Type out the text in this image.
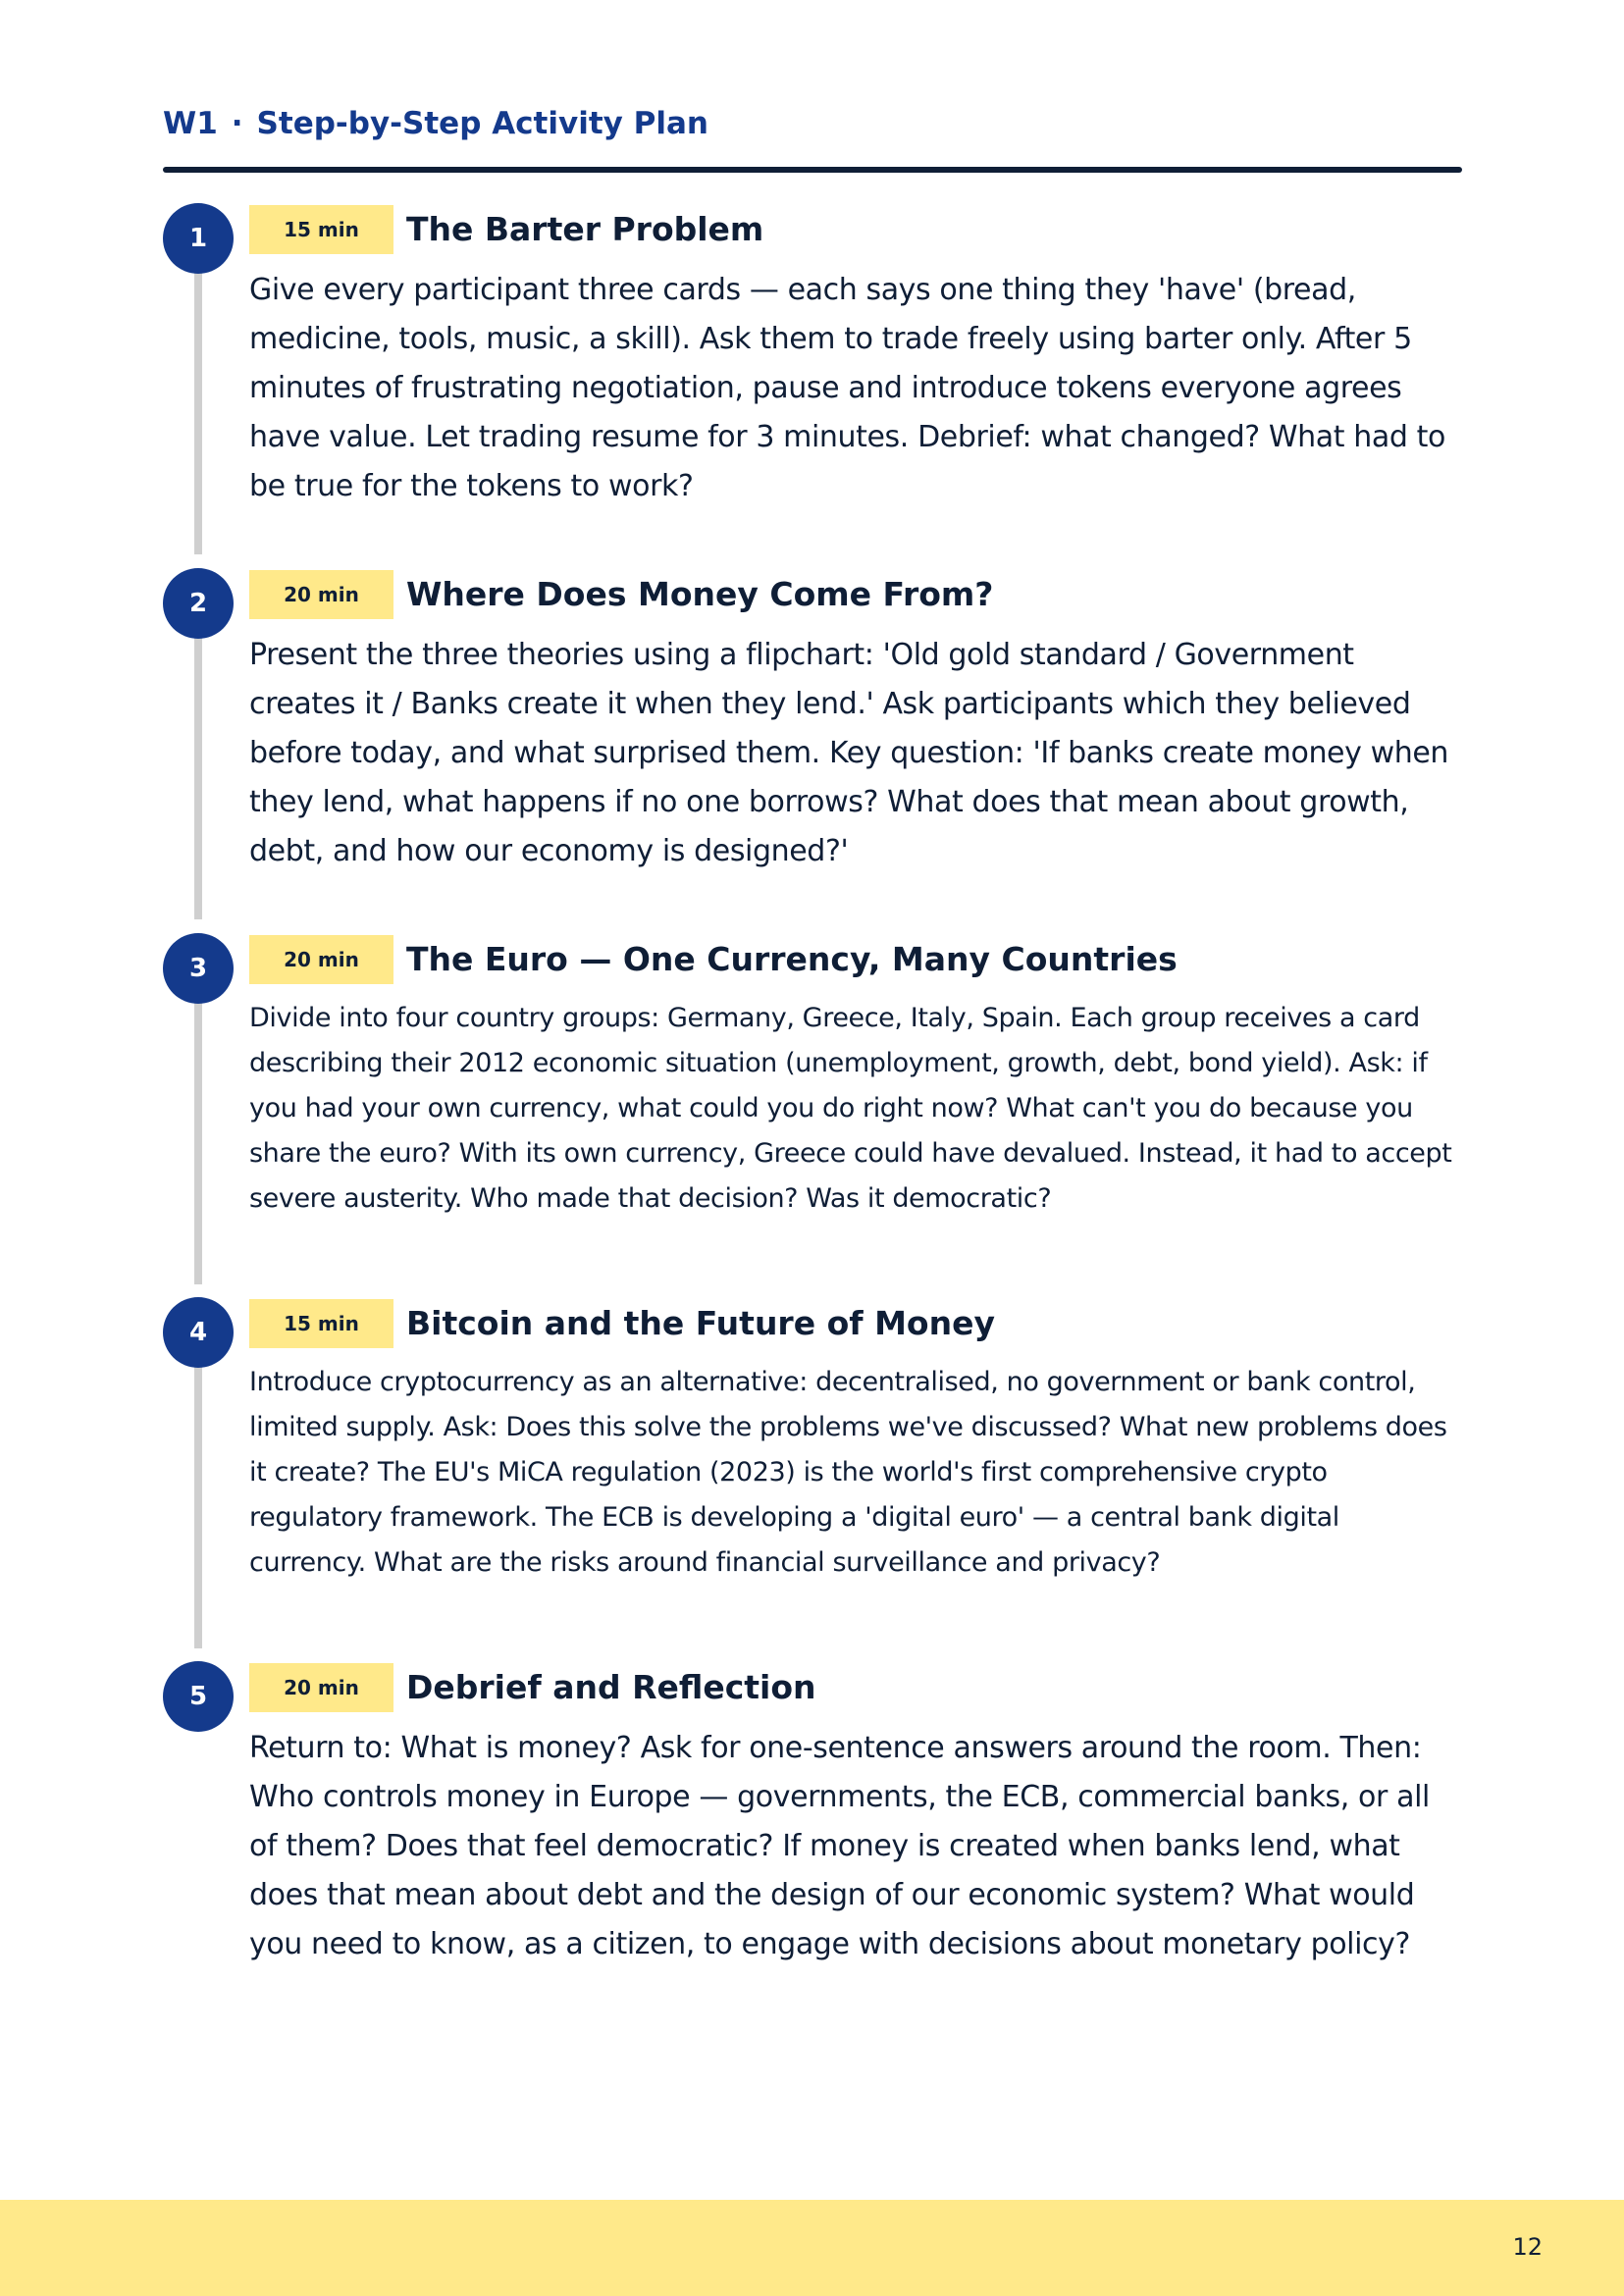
W1 · Step-by-Step Activity Plan
1	15 min	The Barter Problem

Give every participant three cards — each says one thing they 'have' (bread, medicine, tools, music, a skill). Ask them to trade freely using barter only. After 5 minutes of frustrating negotiation, pause and introduce tokens everyone agrees have value. Let trading resume for 3 minutes. Debrief: what changed? What had to be true for the tokens to work?

2	20 min	Where Does Money Come From?

Present the three theories using a flipchart: 'Old gold standard / Government creates it / Banks create it when they lend.' Ask participants which they believed before today, and what surprised them. Key question: 'If banks create money when they lend, what happens if no one borrows? What does that mean about growth, debt, and how our economy is designed?'

3	20 min	The Euro — One Currency, Many Countries

Divide into four country groups: Germany, Greece, Italy, Spain. Each group receives a card describing their 2012 economic situation (unemployment, growth, debt, bond yield). Ask: if you had your own currency, what could you do right now? What can't you do because you share the euro? With its own currency, Greece could have devalued. Instead, it had to accept severe austerity. Who made that decision? Was it democratic?

4	15 min	Bitcoin and the Future of Money

Introduce cryptocurrency as an alternative: decentralised, no government or bank control, limited supply. Ask: Does this solve the problems we've discussed? What new problems does it create? The EU's MiCA regulation (2023) is the world's first comprehensive crypto regulatory framework. The ECB is developing a 'digital euro' — a central bank digital currency. What are the risks around financial surveillance and privacy?

5	20 min	Debrief and Reflection

Return to: What is money? Ask for one-sentence answers around the room. Then: Who controls money in Europe — governments, the ECB, commercial banks, or all of them? Does that feel democratic? If money is created when banks lend, what does that mean about debt and the design of our economic system? What would you need to know, as a citizen, to engage with decisions about monetary policy?

12
